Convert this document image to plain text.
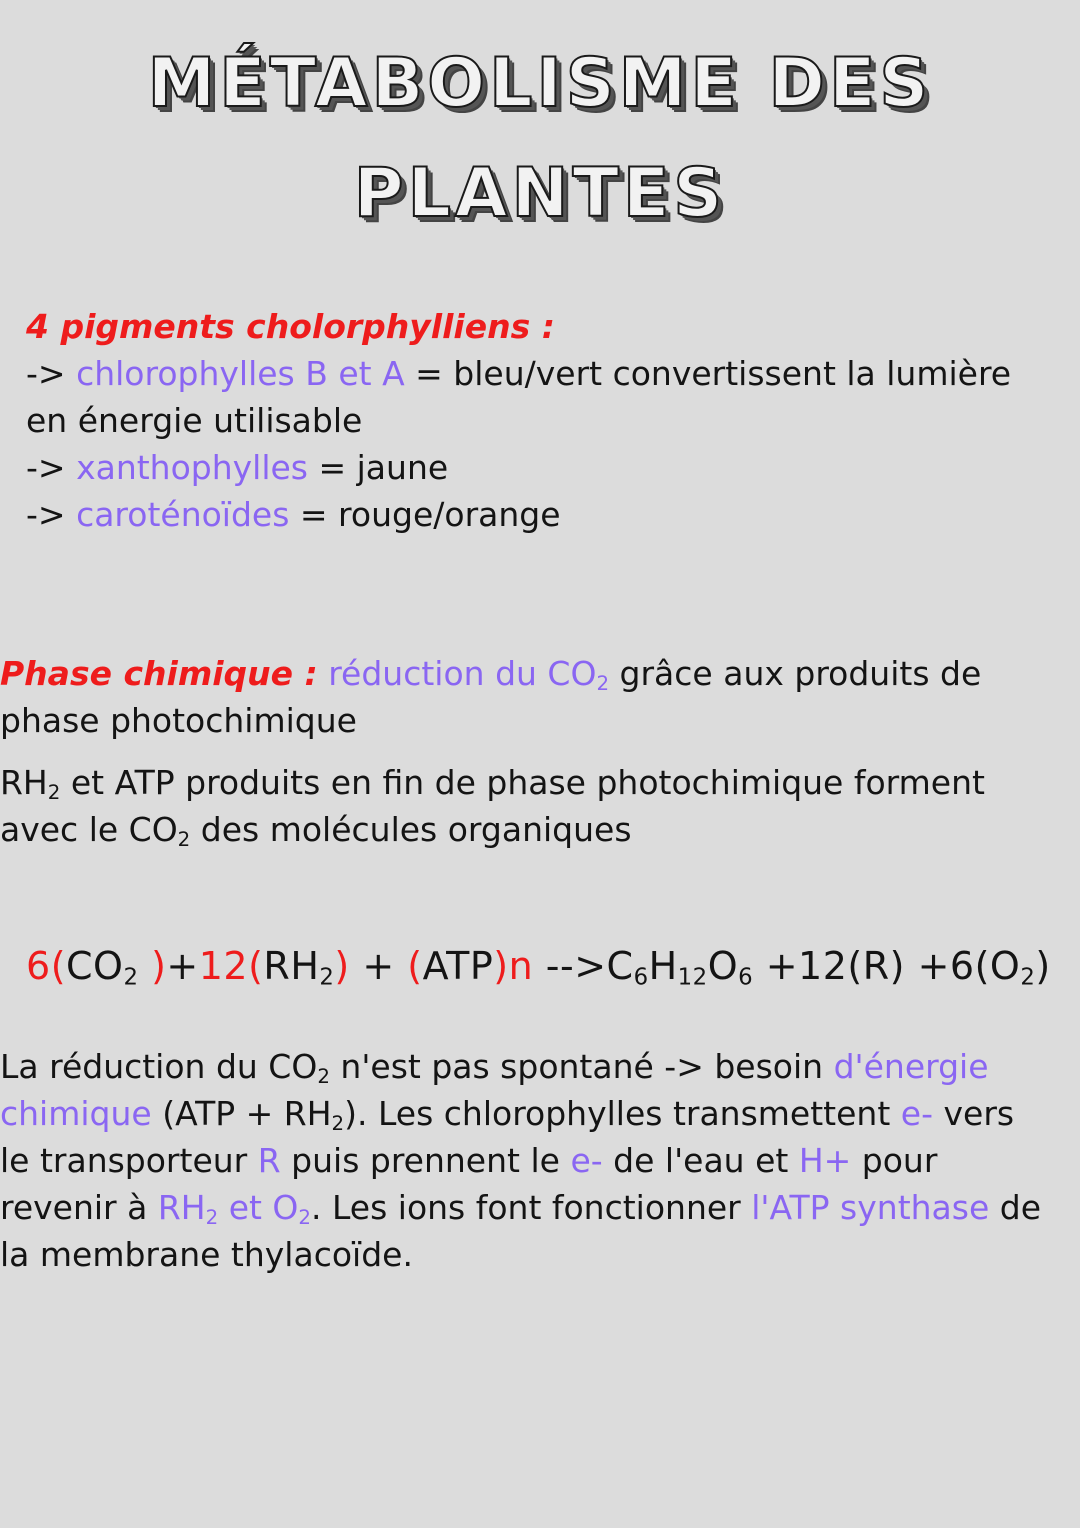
MÉTABOLISME DES
PLANTES
4 pigments cholorphylliens :
-> chlorophylles B et A = bleu/vert convertissent la lumière
en énergie utilisable
-> xanthophylles = jaune
-> caroténoïdes = rouge/orange
Phase chimique : réduction du $CO_2$ grâce aux produits de
phase photochimique
$RH_2$ et ATP produits en fin de phase photochimique forment
avec le $CO_2$ des molécules organiques
$6(CO_2$ )$+12(RH_2) + (ATP)n$ $-->C_6H_{12}O_6 +12(R) +6(O_2)$
La réduction du $CO_2$ n'est pas spontané -> besoin d'énergie
chimique $(ATP + RH_2)$. Les chlorophylles transmettent e- vers
le transporteur R puis prennent le e- de l'eau et H+ pour
revenir à $RH_2$ et $O_2$. Les ions font fonctionner l'ATP synthase de
la membrane thylacoïde.
